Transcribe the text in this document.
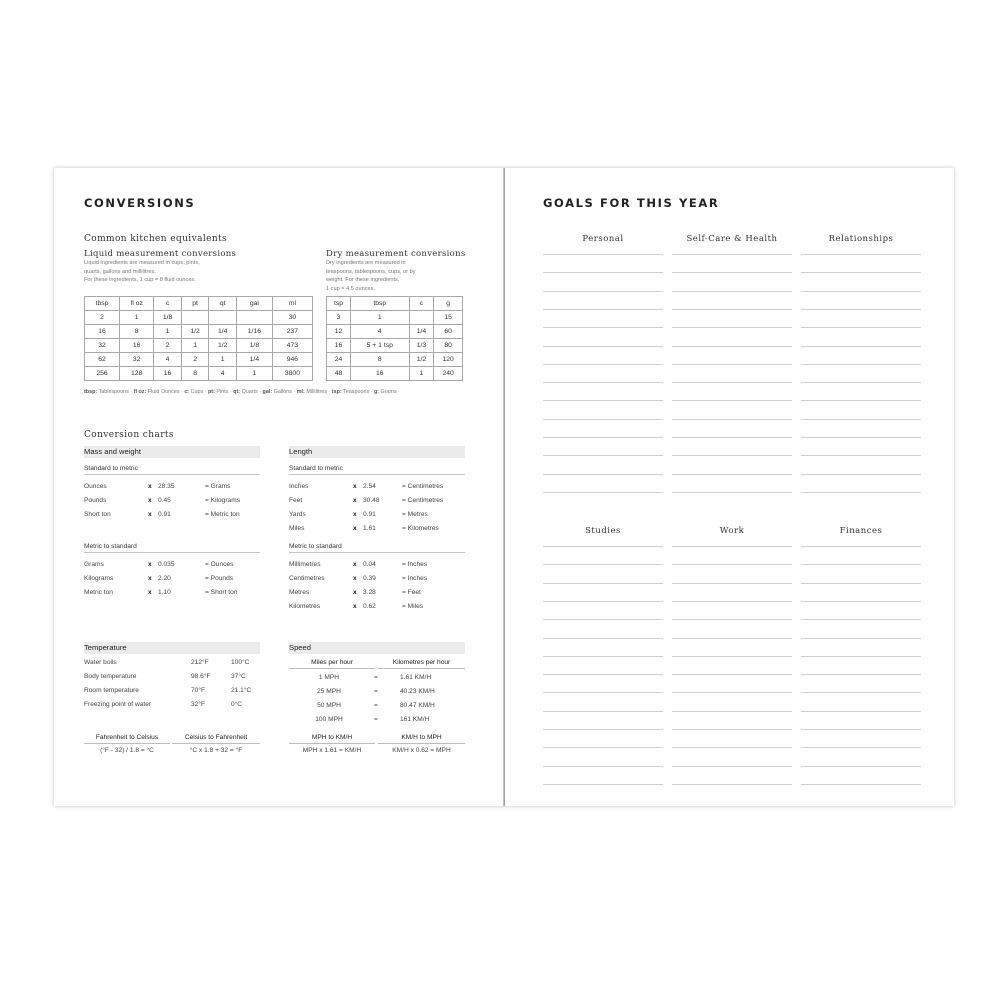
CONVERSIONS
Common kitchen equivalents
Liquid measurement conversions
Liquid ingredients are measured in cups, pints,
quarts, gallons and millilitres.
For these ingredients, 1 cup = 8 fluid ounces.
tbsp	fl oz	c	pt	qt	gal	ml
2	1	1/8				30
16	8	1	1/2	1/4	1/16	237
32	16	2	1	1/2	1/8	473
62	32	4	2	1	1/4	946
256	128	16	8	4	1	3800
Dry measurement conversions
Dry ingredients are measured in
teaspoons, tablespoons, cups, or by
weight. For these ingredients,
1 cup = 4.5 ounces.
tsp	tbsp	c	g
3	1		15
12	4	1/4	60
16	5 + 1 tsp	1/3	80
24	8	1/2	120
48	16	1	240
tbsp: Tablespoons · fl oz: Fluid Ounces · c: Cups · pt: Pints · qt: Quarts · gal: Gallons · ml: Millilitres · tsp: Teaspoons · g: Grams
Conversion charts
Mass and weight
Standard to metric
Ounces	x 28.35	= Grams
Pounds	x 0.45	= Kilograms
Short ton	x 0.91	= Metric ton
Metric to standard
Grams	x 0.035	= Ounces
Kilograms	x 2.20	= Pounds
Metric ton	x 1.10	= Short ton
Length
Standard to metric
Inches	x 2.54	= Centimetres
Feet	x 30.48	= Centimetres
Yards	x 0.91	= Metres
Miles	x 1.61	= Kilometres
Metric to standard
Millimetres	x 0.04	= Inches
Centimetres	x 0.39	= Inches
Metres	x 3.28	= Feet
Kilometres	x 0.62	= Miles
Temperature
Water boils	212°F	100°C
Body temperature	98.6°F	37°C
Room temperature	70°F	21.1°C
Freezing point of water	32°F	0°C
Fahrenheit to Celsius	Celsius to Fahrenheit
(°F - 32) / 1.8 = °C	°C x 1.8 + 32 = °F
Speed
Miles per hour	Kilometres per hour
1 MPH	=	1.61 KM/H
25 MPH	=	40.23 KM/H
50 MPH	=	80.47 KM/H
100 MPH	=	161 KM/H
MPH to KM/H	KM/H to MPH
MPH x 1.61 = KM/H	KM/H x 0.62 = MPH
GOALS FOR THIS YEAR
Personal	Self-Care & Health	Relationships
Studies	Work	Finances
